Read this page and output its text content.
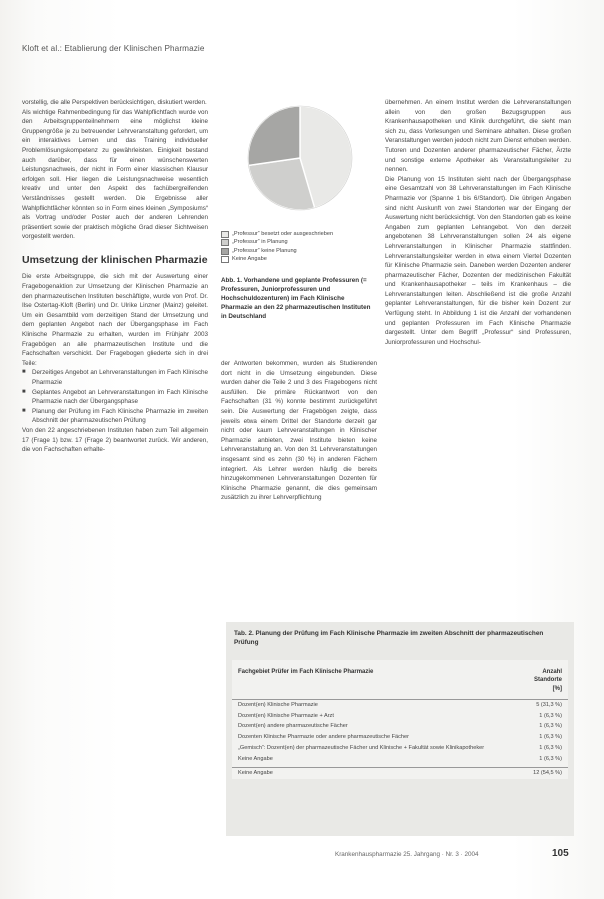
Kloft et al.: Etablierung der Klinischen Pharmazie

vorstellig, die alle Perspektiven berücksichtigen, diskutiert werden.

Als wichtige Rahmenbedingung für das Wahlpflichtfach wurde von den Arbeitsgruppenteilnehmern eine möglichst kleine Gruppengröße je zu betreuender Lehrveranstaltung gefordert, um ein interaktives Lernen und das Training individueller Problemlösungskompetenz zu gewährleisten. Einigkeit bestand auch darüber, dass für einen wünschenswerten Leistungsnachweis, der nicht in Form einer klassischen Klausur erfolgen soll. Hier liegen die Leistungsnachweise wesentlich kreativ und unter den Aspekt des fachübergreifenden Verständnisses gestellt werden. Die Ergebnisse aller Wahlpflichtfächer könnten so in Form eines kleinen „Symposiums“ als Vortrag und/oder Poster auch der anderen Lehrenden präsentiert sowie der praktisch mögliche Grad dieser Sichtweisen vorgestellt werden.

Umsetzung der klinischen Pharmazie

Die erste Arbeitsgruppe, die sich mit der Auswertung einer Fragebogenaktion zur Umsetzung der Klinischen Pharmazie an den pharmazeutischen Instituten beschäftigte, wurde von Prof. Dr. Ilse Ostertag-Kloft (Berlin) und Dr. Ulrike Linzner (Mainz) geleitet. Um ein Gesamtbild vom derzeitigen Stand der Umsetzung und dem geplanten Angebot nach der Übergangsphase im Fach Klinische Pharmazie zu erhalten, wurden im Frühjahr 2003 Fragebögen an alle pharmazeutischen Institute und die Fachschaften verschickt. Der Fragebogen gliederte sich in drei Teile:

■ Derzeitiges Angebot an Lehrveranstaltungen im Fach Klinische Pharmazie
■ Geplantes Angebot an Lehrveranstaltungen im Fach Klinische Pharmazie nach der Übergangsphase
■ Planung der Prüfung im Fach Klinische Pharmazie im zweiten Abschnitt der pharmazeutischen Prüfung

Von den 22 angeschriebenen Instituten haben zum Teil allgemein 17 (Frage 1) bzw. 17 (Frage 2) beantwortet zurück. Wir anderen, die von Fachschaften erhalte-

„Professur“ besetzt oder ausgeschrieben
„Professur“ in Planung
„Professur“ keine Planung
Keine Angabe
Abb. 1. Vorhandene und geplante Professuren (= Professuren, Juniorprofessuren und Hochschuldozenturen) im Fach Klinische Pharmazie an den 22 pharmazeutischen Instituten in Deutschland

der Antworten bekommen, wurden als Studierenden dort nicht in die Umsetzung eingebunden. Diese wurden daher die Teile 2 und 3 des Fragebogens nicht ausfüllen. Die primäre Rückantwort von den Fachschaften (31 %) konnte bestimmt zurückgeführt sein. Die Auswertung der Fragebögen zeigte, dass jeweils etwa einem Drittel der Standorte derzeit gar nicht oder kaum Lehrveranstaltungen in Klinischer Pharmazie anbieten, zwei Institute bieten keine Lehrveranstaltung an. Von den 31 Lehrveranstaltungen insgesamt sind es zehn (30 %) in anderen Fächern integriert. Als Lehrer werden häufig die bereits hinzugekommenen Lehrveranstaltungen Dozenten für Klinische Pharmazie genannt, die dies gemeinsam zusätzlich zu ihrer Lehrverpflichtung

übernehmen. An einem Institut werden die Lehrveranstaltungen allein von den großen Bezugsgruppen aus Krankenhausapotheken und Klinik durchgeführt, die sieht man sich zu, dass Vorlesungen und Seminare abhalten. Diese großen Veranstaltungen werden jedoch nicht zum Dienst erhoben werden. Tutoren und Dozenten anderer pharmazeutischer Fächer, Ärzte und sonstige externe Apotheker als Veranstaltungsleiter zu nennen.

Die Planung von 15 Instituten sieht nach der Übergangsphase eine Gesamtzahl von 38 Lehrveranstaltungen im Fach Klinische Pharmazie vor (Spanne 1 bis 6/Standort). Die übrigen Angaben sind nicht Auskunft von zwei Standorten war der Eingang der Auswertung nicht berücksichtigt. Von den Standorten gab es keine Angaben zum geplanten Lehrangebot. Von den derzeit angebotenen 38 Lehrveranstaltungen sollen 24 als eigene Lehrveranstaltungen in Klinischer Pharmazie stattfinden. Lehrveranstaltungsleiter werden in etwa einem Viertel Dozenten für Klinische Pharmazie sein. Daneben werden Dozenten anderer pharmazeutischer Fächer, Dozenten der medizinischen Fakultät und Krankenhausapotheker – teils im Krankenhaus – die Lehrveranstaltungen leiten. Abschließend ist die große Anzahl geplanter Lehrveranstaltungen, für die bisher kein Dozent zur Verfügung steht. In Abbildung 1 ist die Anzahl der vorhandenen und geplanten Professuren im Fach Klinische Pharmazie dargestellt. Unter dem Begriff „Professur“ sind Professuren, Juniorprofessuren und Hochschul-

Tab. 2. Planung der Prüfung im Fach Klinische Pharmazie im zweiten Abschnitt der pharmazeutischen Prüfung
Fachgebiet Prüfer im Fach Klinische Pharmazie	Anzahl Standorte [%]
Dozent(en) Klinische Pharmazie	5 (31,3 %)
Dozent(en) Klinische Pharmazie + Arzt	1 (6,3 %)
Dozent(en) andere pharmazeutische Fächer	1 (6,3 %)
Dozenten Klinische Pharmazie oder andere pharmazeutische Fächer	1 (6,3 %)
„Gemisch“: Dozent(en) der pharmazeutische Fächer und Klinische + Fakultät sowie Klinikapotheker	1 (6,3 %)
Keine Angabe	1 (6,3 %)
Keine Angabe	12 (54,5 %)
Krankenhauspharmazie 25. Jahrgang · Nr. 3 · 2004	105
